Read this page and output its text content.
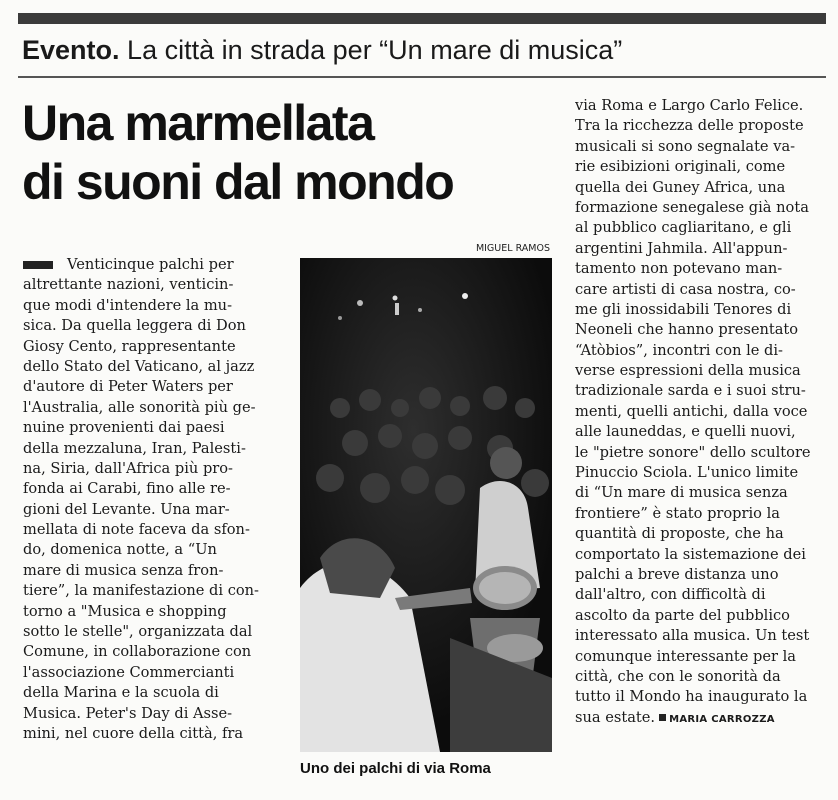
Evento. La città in strada per “Un mare di musica”
Una marmellata
di suoni dal mondo
Venticinque palchi per
altrettante nazioni, venticin-
que modi d'intendere la mu-
sica. Da quella leggera di Don
Giosy Cento, rappresentante
dello Stato del Vaticano, al jazz
d'autore di Peter Waters per
l'Australia, alle sonorità più ge-
nuine provenienti dai paesi
della mezzaluna, Iran, Palesti-
na, Siria, dall'Africa più pro-
fonda ai Carabi, fino alle re-
gioni del Levante. Una mar-
mellata di note faceva da sfon-
do, domenica notte, a “Un
mare di musica senza fron-
tiere”, la manifestazione di con-
torno a "Musica e shopping
sotto le stelle", organizzata dal
Comune, in collaborazione con
l'associazione Commercianti
della Marina e la scuola di
Musica. Peter's Day di Asse-
mini, nel cuore della città, fra
MIGUEL RAMOS
Uno dei palchi di via Roma
via Roma e Largo Carlo Felice.
Tra la ricchezza delle proposte
musicali si sono segnalate va-
rie esibizioni originali, come
quella dei Guney Africa, una
formazione senegalese già nota
al pubblico cagliaritano, e gli
argentini Jahmila. All'appun-
tamento non potevano man-
care artisti di casa nostra, co-
me gli inossidabili Tenores di
Neoneli che hanno presentato
“Atòbios”, incontri con le di-
verse espressioni della musica
tradizionale sarda e i suoi stru-
menti, quelli antichi, dalla voce
alle launeddas, e quelli nuovi,
le "pietre sonore" dello scultore
Pinuccio Sciola. L'unico limite
di “Un mare di musica senza
frontiere” è stato proprio la
quantità di proposte, che ha
comportato la sistemazione dei
palchi a breve distanza uno
dall'altro, con difficoltà di
ascolto da parte del pubblico
interessato alla musica. Un test
comunque interessante per la
città, che con le sonorità da
tutto il Mondo ha inaugurato la
sua estate. MARIA CARROZZA
